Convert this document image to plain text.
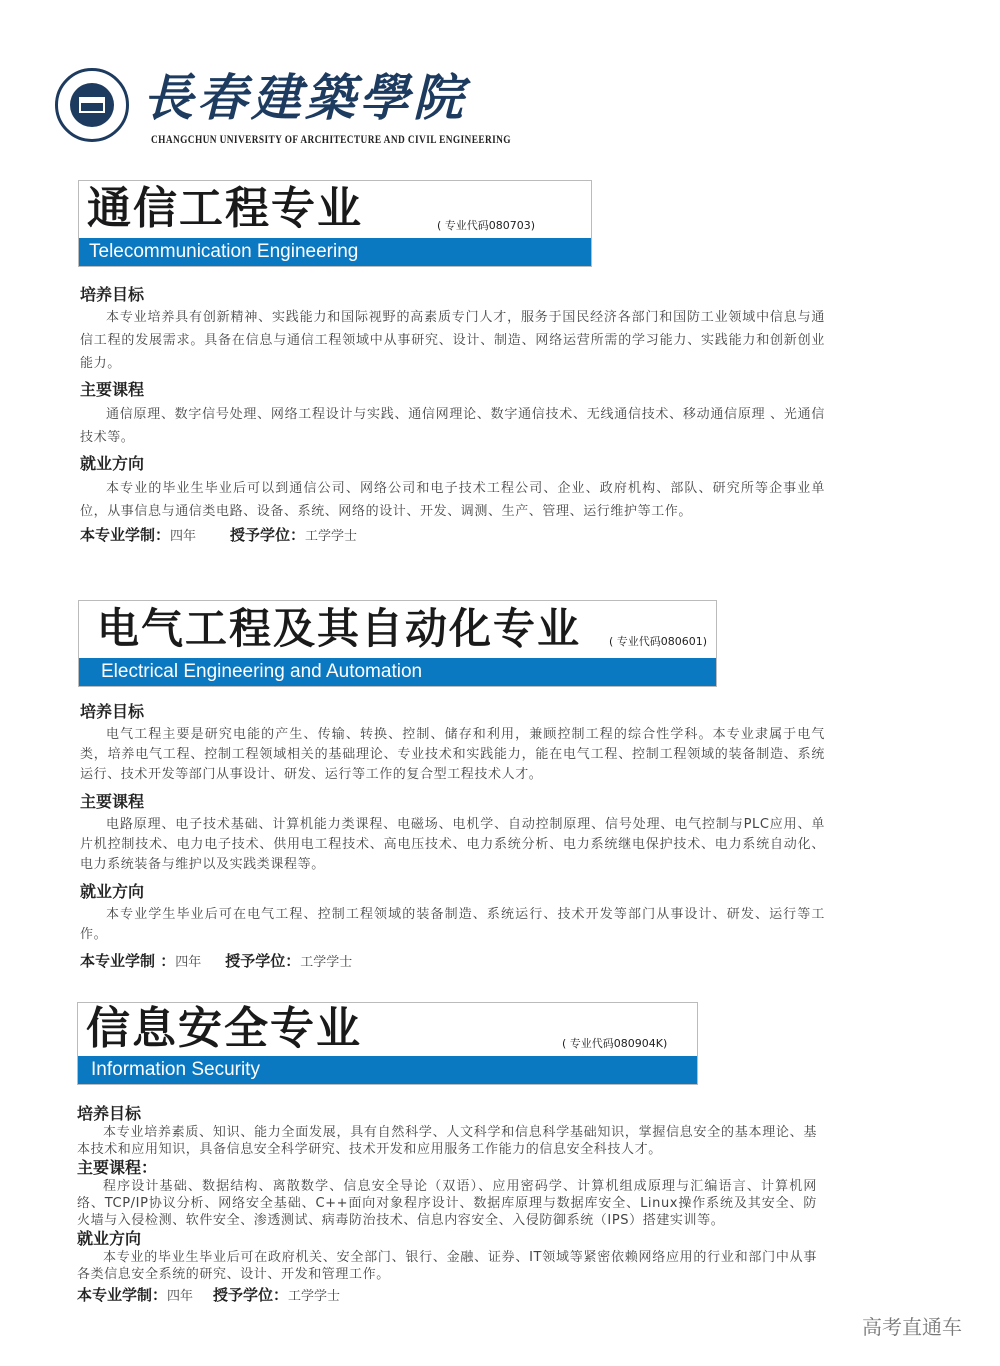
長春建築學院
CHANGCHUN UNIVERSITY OF ARCHITECTURE AND CIVIL ENGINEERING
通信工程专业	( 专业代码080703)
Telecommunication Engineering
培养目标
本专业培养具有创新精神、实践能力和国际视野的高素质专门人才，服务于国民经济各部门和国防工业领域中信息与通信工程的发展需求。具备在信息与通信工程领域中从事研究、设计、制造、网络运营所需的学习能力、实践能力和创新创业能力。
主要课程
通信原理、数字信号处理、网络工程设计与实践、通信网理论、数字通信技术、无线通信技术、移动通信原理 、光通信技术等。
就业方向
本专业的毕业生毕业后可以到通信公司、网络公司和电子技术工程公司、企业、政府机构、部队、研究所等企事业单位，从事信息与通信类电路、设备、系统、网络的设计、开发、调测、生产、管理、运行维护等工作。
本专业学制：四年 授予学位：工学学士
电气工程及其自动化专业	( 专业代码080601)
Electrical Engineering and Automation
培养目标
电气工程主要是研究电能的产生、传输、转换、控制、储存和利用，兼顾控制工程的综合性学科。本专业隶属于电气类，培养电气工程、控制工程领域相关的基础理论、专业技术和实践能力，能在电气工程、控制工程领域的装备制造、系统运行、技术开发等部门从事设计、研发、运行等工作的复合型工程技术人才。
主要课程
电路原理、电子技术基础、计算机能力类课程、电磁场、电机学、自动控制原理、信号处理、电气控制与PLC应用、单片机控制技术、电力电子技术、供用电工程技术、高电压技术、电力系统分析、电力系统继电保护技术、电力系统自动化、电力系统装备与维护以及实践类课程等。
就业方向
本专业学生毕业后可在电气工程、控制工程领域的装备制造、系统运行、技术开发等部门从事设计、研发、运行等工作。
本专业学制 ：四年 授予学位：工学学士
信息安全专业	( 专业代码080904K)
Information Security
培养目标
本专业培养素质、知识、能力全面发展，具有自然科学、人文科学和信息科学基础知识，掌握信息安全的基本理论、基本技术和应用知识，具备信息安全科学研究、技术开发和应用服务工作能力的信息安全科技人才。
主要课程：
程序设计基础、数据结构、离散数学、信息安全导论（双语）、应用密码学、计算机组成原理与汇编语言、计算机网络、TCP/IP协议分析、网络安全基础、C++面向对象程序设计、数据库原理与数据库安全、Linux操作系统及其安全、防火墙与入侵检测、软件安全、渗透测试、病毒防治技术、信息内容安全、入侵防御系统（IPS）搭建实训等。
就业方向
本专业的毕业生毕业后可在政府机关、安全部门、银行、金融、证券、IT领域等紧密依赖网络应用的行业和部门中从事各类信息安全系统的研究、设计、开发和管理工作。
本专业学制：四年 授予学位：工学学士
高考直通车
